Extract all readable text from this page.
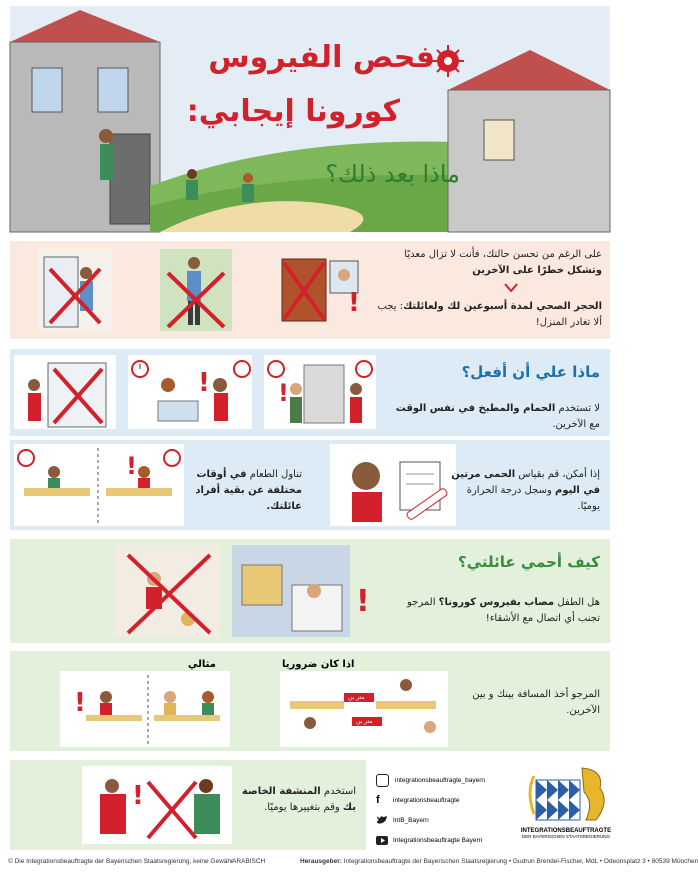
فحص الفيروس
كورونا إيجابي:
ماذا بعد ذلك؟
!
على الرغم من تحسن حالتك، فأنت لا تزال معديًا وتشكل خطرًا على الآخرين
الحجر الصحي لمدة أسبوعين لك ولعائلتك: يجب ألا تغادر المنزل!
ماذا علي أن أفعل؟
!	!
لا تستخدم الحمام والمطبخ في نفس الوقت مع الآخرين.
!	تناول الطعام في أوقات مختلفة عن بقية أفراد عائلتك.
إذا أمكن، قم بقياس الحمى مرتين في اليوم وسجل درجة الحرارة يوميًا.
كيف أحمي عائلتي؟
!	هل الطفل مصاب بفيروس كورونا؟ المرجو تجنب أي اتصال مع الأشقاء!
!
مثالي
متر ين
متر ين
اذا كان ضروريا
المرجو أخذ المسافة بينك و بين الآخرين.
!	استخدم المنشفة الخاصة بك وقم بتغييرها يوميًا.
integrationsbeauftragte_bayern
f	integrationsbeauftragte
IntB_Bayern
Integrationsbeauftragte Bayern
INTEGRATIONSBEAUFTRAGTE
DER BAYERISCHEN STAATSREGIERUNG
© Die Integrationsbeauftragte der Bayerischen Staatsregierung, keine Gewähr
ARABISCH	Herausgeber: Integrationsbeauftragte der Bayerischen Staatsregierung • Gudrun Brendel-Fischer, MdL • Odeonsplatz 3 • 80539 München
